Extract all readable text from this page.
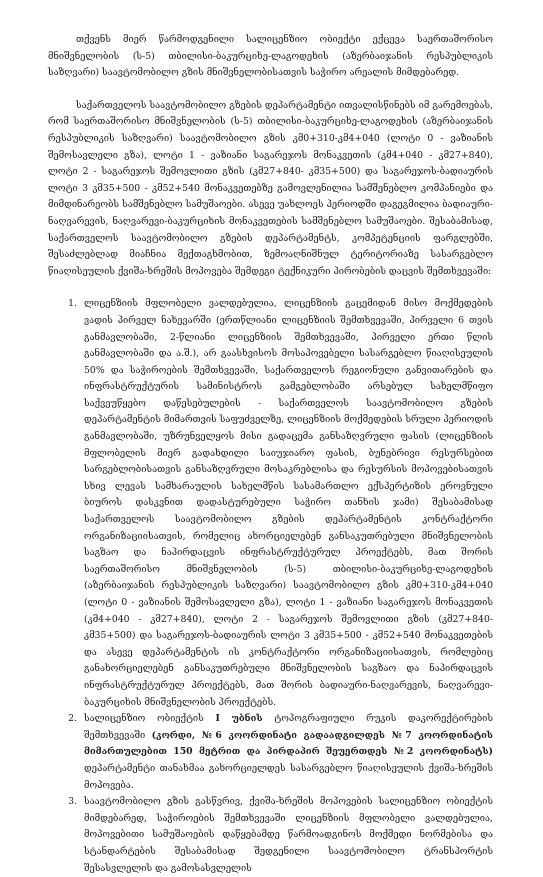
თქვენს მიერ წარმოდგენილი სალიცენზიო ობიექტი ექცევა საერთაშორისო მნიშვნელობის (ს-5) თბილისი-ბაკურციხე-ლაგოდეხის (აზერბაიჯანის რესპუბლიკის საზღვარი) საავტომობილო გზის მნიშვნელობისათვის საჭირო არეალის მიმდებარედ.

საქართველოს საავტომობილო გზების დეპარტამენტი ითვალისწინებს იმ გარემოებას, რომ საერთაშორისო მნიშვნელობის (ს-5) თბილისი-ბაკურციხე-ლაგოდეხის (აზერბაიჯანის რესპუბლიკის საზღვარი) საავტომობილო გზის კმ0+310-კმ4+040 (ლოტი 0 - ვაზიანის შემოსავლელი გზა), ლოტი 1 - ვაზიანი საგარეჯოს მონაკვეთის (კმ4+040 - კმ27+840), ლოტი 2 - საგარეჯოს შემოვლითი გზის (კმ27+840- კმ35+500) და საგარეჯოს-ბადიაურის ლოტი 3 კმ35+500 - კმ52+540 მონაკვეთებზე გამოვლენილია სამშენებლო კომპანიები და მიმდინარეობს სამშენებლო სამუშაოები. ასევე უახლოეს პერიოდში დაგეგმილია ბადიაური-ნაღვარევის, ნაღვარევი-ბაკურციხის მონაკვეთების სამშენებლო სამუშაოები. შესაბამისად, საქართველოს საავტომობილო გზების დეპარტამენტს, კომპეტენციის ფარგლებში, შესაძლებლად მიაჩნია მექთაგხმობით, ზემოაღნიშნულ ტერიტორიაზე სასარგებლო წიაღისეულის ქვიშა-ხრეშის მოპოვება შემდეგი ტექნიკური პირობების დაცვის შემთხვევაში:

1. ლიცენზიის მფლობელი ვალდებულია, ლიცენზიის გაცემიდან მისო მოქმედების ვადის პირველ ნახევარში (ერთწლიანი ლიცენზიის შემთხვევაში, პირველი 6 თვის განმავლობაში, 2-წლიანი ლიცენზიის შემთხვევაში, პირველი ერთი წლის განმავლობაში და ა.შ.), არ გაასხვისოს მოსაპოვებელი სასარგებლო წიაღისეულის 50% და საჭიროების შემთხვევაში, საქართველოს რეგიონული განვითარების და ინფრასტრუქტურის სამინისტროს გამგებლობაში არსებულ სახელმწიფო საქვეუწყებო დაწესებულების - საქართველოს საავტომობილო გზების დეპარტამენტის მიმართვის საფუძველზე, ლიცენზიის მოქმედების სრული პერიოდის განმავლობაში, უზრუნველყოს მისი გადაცემა განსაზღვრული ფასის (ლიცენზიის მფლობელის მიერ გადახდილი საიუჯიარო ფასის, ბუნებრივი რესურსებით სარგებლობისათვის განსაზღვრული მოსაკრებლისა და რესურსის მოპოვებისათვის სხივ ლევას სამხარაულის სახელმწის სასამართლო ექსპერტიზის ეროვნული ბიუროს დასკვნით დადასტურებული საჭირო თანხის ჯამი) შესაბამისად საქართველოს საავტომობილო გზების დეპარტამენტის კონტრაქტორი ორგანიზაციისათვის, რომელიც ახორციელებენ განსაკუთრებული მნიშვნელობის საგზაო და ნაპირდაცვის ინფრასტრუქტურულ პროექტებს, მათ შორის საერთაშორისო მნიშვნელობის (ს-5) თბილისი-ბაკურციხე-ლაგოდეხის (აზერბაიჯანის რესპუბლიკის საზღვარი) საავტომობილო გზის კმ0+310-კმ4+040 (ლოტი 0 - ვაზიანის შემოსავლელი გზა), ლოტი 1 - ვაზიანი საგარეჯოს მონაკვეთის (კმ4+040 - კმ27+840), ლოტი 2 - საგარეჯოს შემოვლითი გზის (კმ27+840- კმ35+500) და საგარეჯოს-ბადიაურის ლოტი 3 კმ35+500 - კმ52+540 მონაკვეთების და ასევე დეპარტამენტის ის კონტრაქტორი ორგანიზაციისათვის, რომლებიც განახორციელებენ განსაკუთრებული მნიშვნელობის საგზაო და ნაპირდაცვის ინფრასტრუქტურულ პროექტებს, მათ შორის ბადიაური-ნაღვარევის, ნაღვარევი-ბაკურციხის მნიშვნელობის პროექტებს.
2. სალიცენზიო ობიექტის I უბნის ტოპოგრაფიული რუკის დაკორექტირების შემთხვევაში (კორდი, №6 კოორდინატი გადაადგილდეს №7 კოორდინატის მიმართულებით 150 მეტრით და პირდაპირ შეუერთდეს №2 კოორდინატს) დეპარტამენტი თანახმაა გახორციელდეს სასარგებლო წიაღისეულის ქვიშა-ხრეშის მოპოვება.
3. საავტომობილო გზის გასწვრივ, ქვიშა-ხრეშის მოპოვების სალიცენზიო ობიექტის მიმდებარედ, საჭიროების შემთხვევაში ლიცენზიის მფლობელი ვალდებულია, მოპოვებითი სამუშაოების დაწყებამდე წარმოადგინოს მოქმედი ნორმებისა და სტანდარტების შესაბამისად შედგენილი საავტომობილო ტრანსპორტის შესასვლელის და გამოსასვლელის
